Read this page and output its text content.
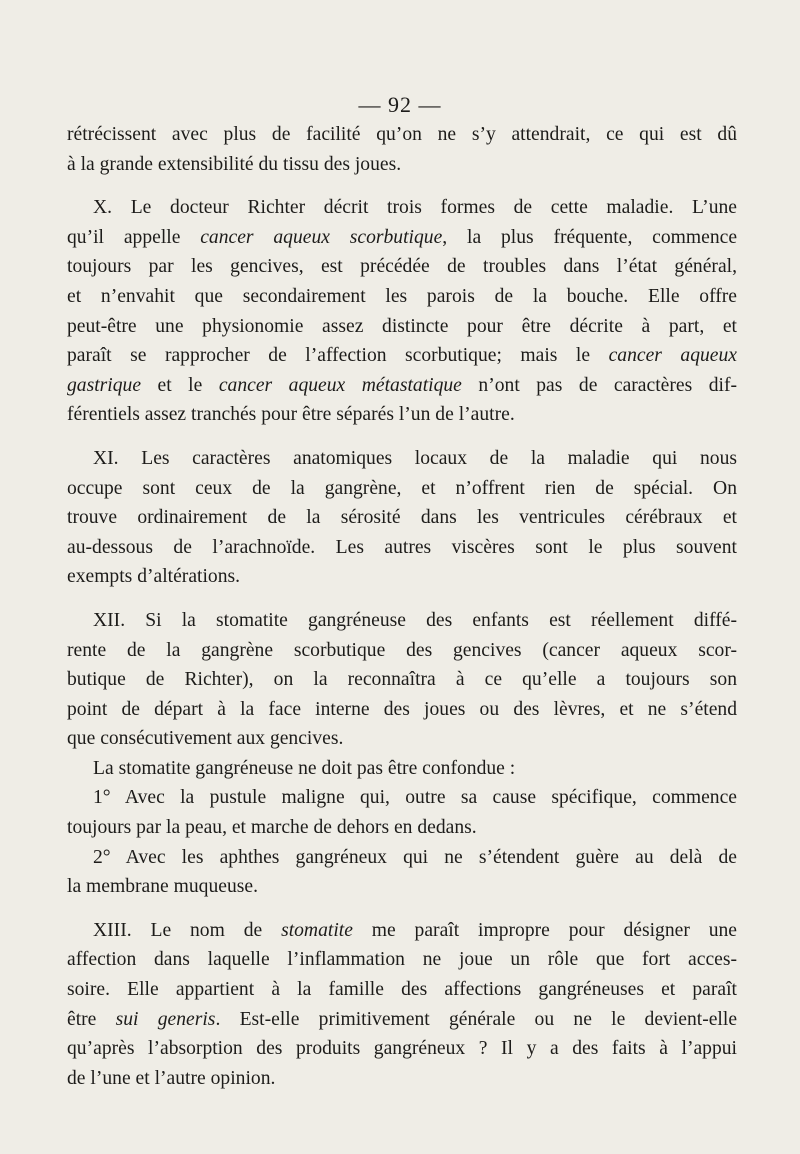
— 92 —

rétrécissent avec plus de facilité qu’on ne s’y attendrait, ce qui est dû
à la grande extensibilité du tissu des joues.

X. Le docteur Richter décrit trois formes de cette maladie. L’une
qu’il appelle cancer aqueux scorbutique, la plus fréquente, commence
toujours par les gencives, est précédée de troubles dans l’état général,
et n’envahit que secondairement les parois de la bouche. Elle offre
peut-être une physionomie assez distincte pour être décrite à part, et
paraît se rapprocher de l’affection scorbutique; mais le cancer aqueux
gastrique et le cancer aqueux métastatique n’ont pas de caractères dif-
férentiels assez tranchés pour être séparés l’un de l’autre.

XI. Les caractères anatomiques locaux de la maladie qui nous
occupe sont ceux de la gangrène, et n’offrent rien de spécial. On
trouve ordinairement de la sérosité dans les ventricules cérébraux et
au-dessous de l’arachnoïde. Les autres viscères sont le plus souvent
exempts d’altérations.

XII. Si la stomatite gangréneuse des enfants est réellement diffé-
rente de la gangrène scorbutique des gencives (cancer aqueux scor-
butique de Richter), on la reconnaîtra à ce qu’elle a toujours son
point de départ à la face interne des joues ou des lèvres, et ne s’étend
que consécutivement aux gencives.

La stomatite gangréneuse ne doit pas être confondue :

1° Avec la pustule maligne qui, outre sa cause spécifique, commence
toujours par la peau, et marche de dehors en dedans.

2° Avec les aphthes gangréneux qui ne s’étendent guère au delà de
la membrane muqueuse.

XIII. Le nom de stomatite me paraît impropre pour désigner une
affection dans laquelle l’inflammation ne joue un rôle que fort acces-
soire. Elle appartient à la famille des affections gangréneuses et paraît
être sui generis. Est-elle primitivement générale ou ne le devient-elle
qu’après l’absorption des produits gangréneux ? Il y a des faits à l’appui
de l’une et l’autre opinion.
